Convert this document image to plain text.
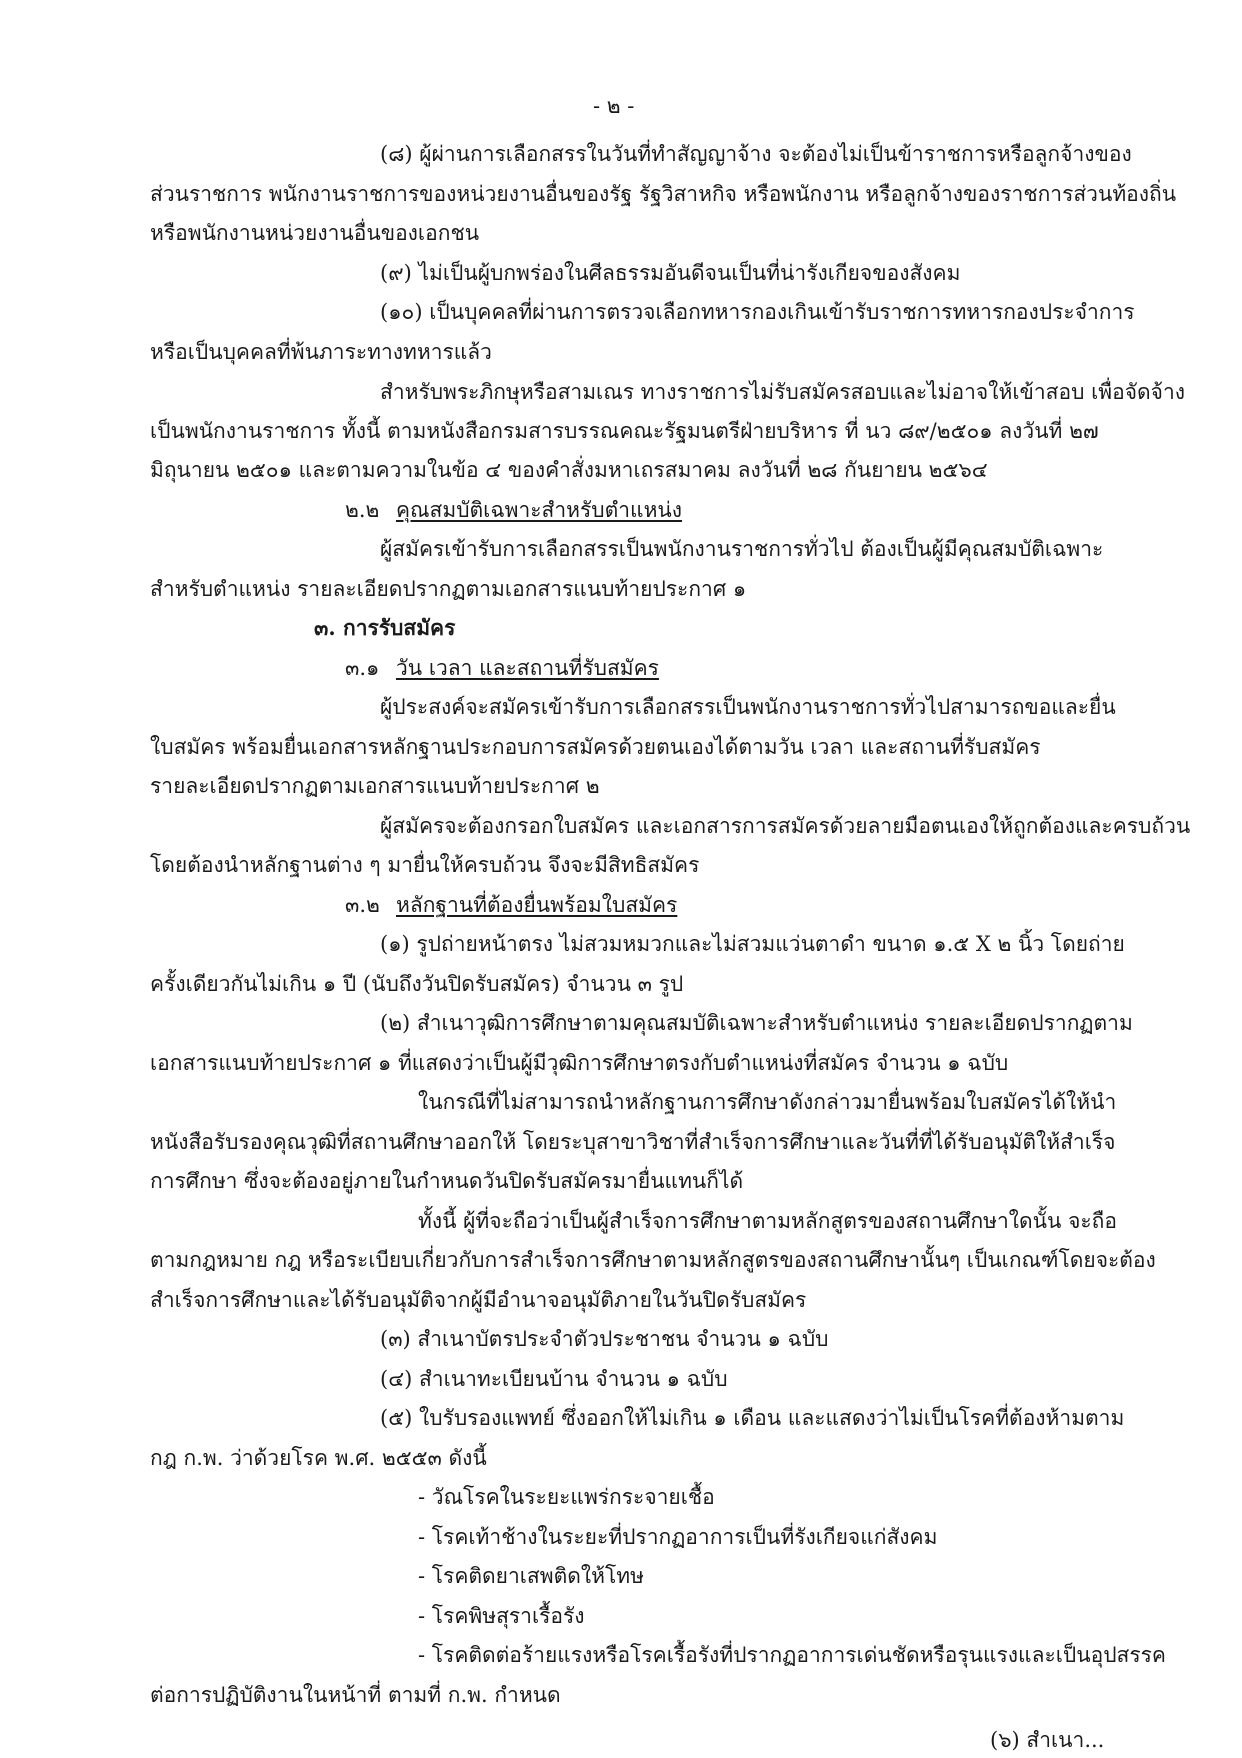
- ๒ -
(๘) ผู้ผ่านการเลือกสรรในวันที่ทำสัญญาจ้าง จะต้องไม่เป็นข้าราชการหรือลูกจ้างของ
ส่วนราชการ พนักงานราชการของหน่วยงานอื่นของรัฐ รัฐวิสาหกิจ หรือพนักงาน หรือลูกจ้างของราชการส่วนท้องถิ่น
หรือพนักงานหน่วยงานอื่นของเอกชน
(๙) ไม่เป็นผู้บกพร่องในศีลธรรมอันดีจนเป็นที่น่ารังเกียจของสังคม
(๑๐) เป็นบุคคลที่ผ่านการตรวจเลือกทหารกองเกินเข้ารับราชการทหารกองประจำการ
หรือเป็นบุคคลที่พ้นภาระทางทหารแล้ว
สำหรับพระภิกษุหรือสามเณร ทางราชการไม่รับสมัครสอบและไม่อาจให้เข้าสอบ เพื่อจัดจ้าง
เป็นพนักงานราชการ ทั้งนี้ ตามหนังสือกรมสารบรรณคณะรัฐมนตรีฝ่ายบริหาร ที่ นว ๘๙/๒๕๐๑ ลงวันที่ ๒๗
มิถุนายน ๒๕๐๑ และตามความในข้อ ๔ ของคำสั่งมหาเถรสมาคม ลงวันที่ ๒๘ กันยายน ๒๕๖๔
๒.๒ คุณสมบัติเฉพาะสำหรับตำแหน่ง
ผู้สมัครเข้ารับการเลือกสรรเป็นพนักงานราชการทั่วไป ต้องเป็นผู้มีคุณสมบัติเฉพาะ
สำหรับตำแหน่ง รายละเอียดปรากฏตามเอกสารแนบท้ายประกาศ ๑
๓. การรับสมัคร
๓.๑ วัน เวลา และสถานที่รับสมัคร
ผู้ประสงค์จะสมัครเข้ารับการเลือกสรรเป็นพนักงานราชการทั่วไปสามารถขอและยื่น
ใบสมัคร พร้อมยื่นเอกสารหลักฐานประกอบการสมัครด้วยตนเองได้ตามวัน เวลา และสถานที่รับสมัคร
รายละเอียดปรากฏตามเอกสารแนบท้ายประกาศ ๒
ผู้สมัครจะต้องกรอกใบสมัคร และเอกสารการสมัครด้วยลายมือตนเองให้ถูกต้องและครบถ้วน
โดยต้องนำหลักฐานต่าง ๆ มายื่นให้ครบถ้วน จึงจะมีสิทธิสมัคร
๓.๒ หลักฐานที่ต้องยื่นพร้อมใบสมัคร
(๑) รูปถ่ายหน้าตรง ไม่สวมหมวกและไม่สวมแว่นตาดำ ขนาด ๑.๕ X ๒ นิ้ว โดยถ่าย
ครั้งเดียวกันไม่เกิน ๑ ปี (นับถึงวันปิดรับสมัคร) จำนวน ๓ รูป
(๒) สำเนาวุฒิการศึกษาตามคุณสมบัติเฉพาะสำหรับตำแหน่ง รายละเอียดปรากฏตาม
เอกสารแนบท้ายประกาศ ๑ ที่แสดงว่าเป็นผู้มีวุฒิการศึกษาตรงกับตำแหน่งที่สมัคร จำนวน ๑ ฉบับ
ในกรณีที่ไม่สามารถนำหลักฐานการศึกษาดังกล่าวมายื่นพร้อมใบสมัครได้ให้นำ
หนังสือรับรองคุณวุฒิที่สถานศึกษาออกให้ โดยระบุสาขาวิชาที่สำเร็จการศึกษาและวันที่ที่ได้รับอนุมัติให้สำเร็จ
การศึกษา ซึ่งจะต้องอยู่ภายในกำหนดวันปิดรับสมัครมายื่นแทนก็ได้
ทั้งนี้ ผู้ที่จะถือว่าเป็นผู้สำเร็จการศึกษาตามหลักสูตรของสถานศึกษาใดนั้น จะถือ
ตามกฎหมาย กฎ หรือระเบียบเกี่ยวกับการสำเร็จการศึกษาตามหลักสูตรของสถานศึกษานั้นๆ เป็นเกณฑ์โดยจะต้อง
สำเร็จการศึกษาและได้รับอนุมัติจากผู้มีอำนาจอนุมัติภายในวันปิดรับสมัคร
(๓) สำเนาบัตรประจำตัวประชาชน จำนวน ๑ ฉบับ
(๔) สำเนาทะเบียนบ้าน จำนวน ๑ ฉบับ
(๕) ใบรับรองแพทย์ ซึ่งออกให้ไม่เกิน ๑ เดือน และแสดงว่าไม่เป็นโรคที่ต้องห้ามตาม
กฎ ก.พ. ว่าด้วยโรค พ.ศ. ๒๕๕๓ ดังนี้
- วัณโรคในระยะแพร่กระจายเชื้อ
- โรคเท้าช้างในระยะที่ปรากฏอาการเป็นที่รังเกียจแก่สังคม
- โรคติดยาเสพติดให้โทษ
- โรคพิษสุราเรื้อรัง
- โรคติดต่อร้ายแรงหรือโรคเรื้อรังที่ปรากฏอาการเด่นชัดหรือรุนแรงและเป็นอุปสรรค
ต่อการปฏิบัติงานในหน้าที่ ตามที่ ก.พ. กำหนด
(๖) สำเนา...
